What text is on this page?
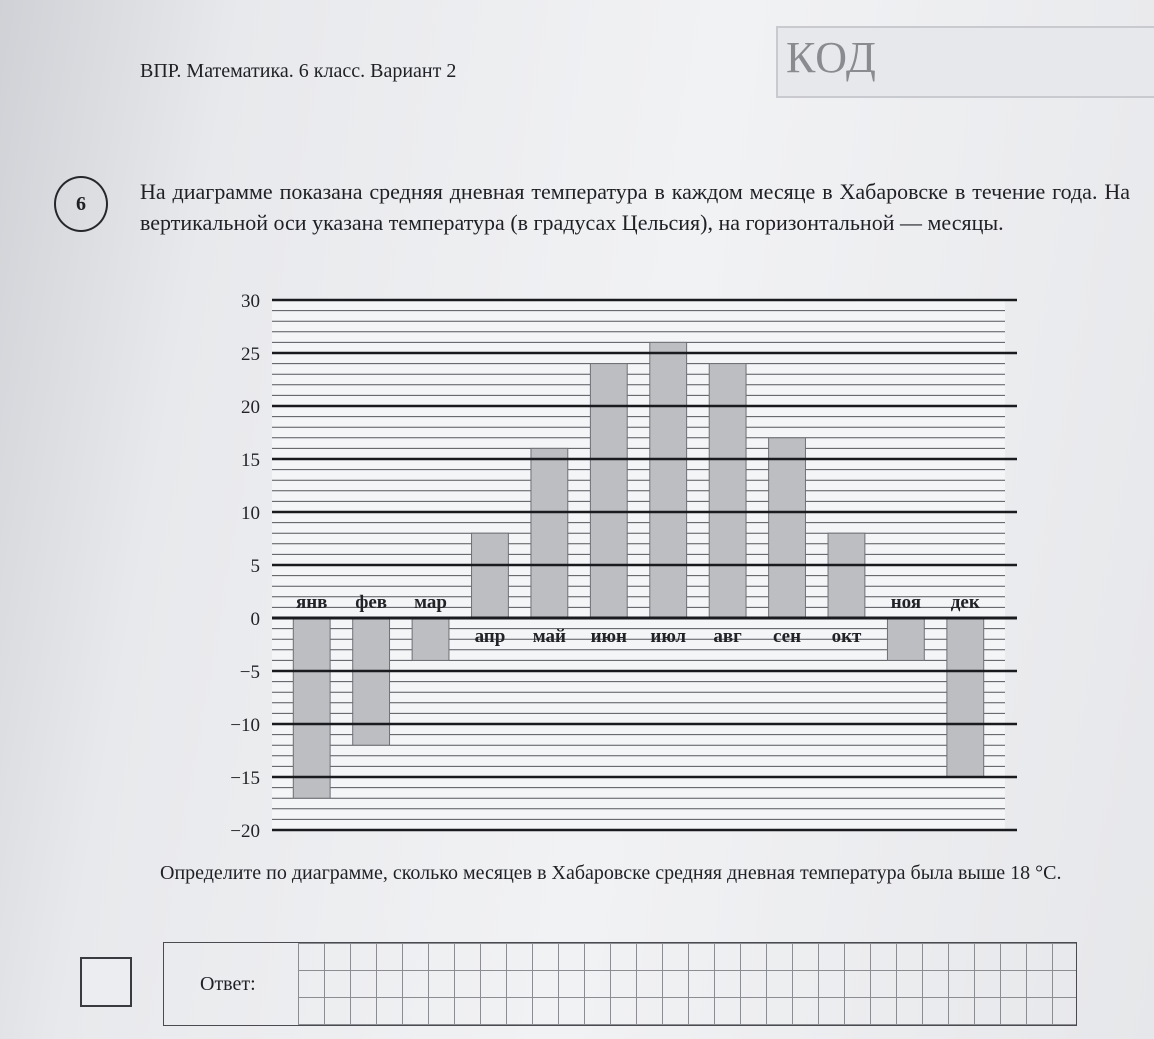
ВПР. Математика. 6 класс. Вариант 2	КОД
6	На диаграмме показана средняя дневная температура в каждом месяце в Хабаровске в течение года. На вертикальной оси указана температура (в градусах Цельсия), на горизонтальной — месяцы.
30
25
20
15
10
5
0
−5
−10
−15
−20
янв фев мар
апр май июн июл авг сен окт
ноя дек
Определите по диаграмме, сколько месяцев в Хабаровске средняя дневная температура была выше 18 °C.
Ответ:
